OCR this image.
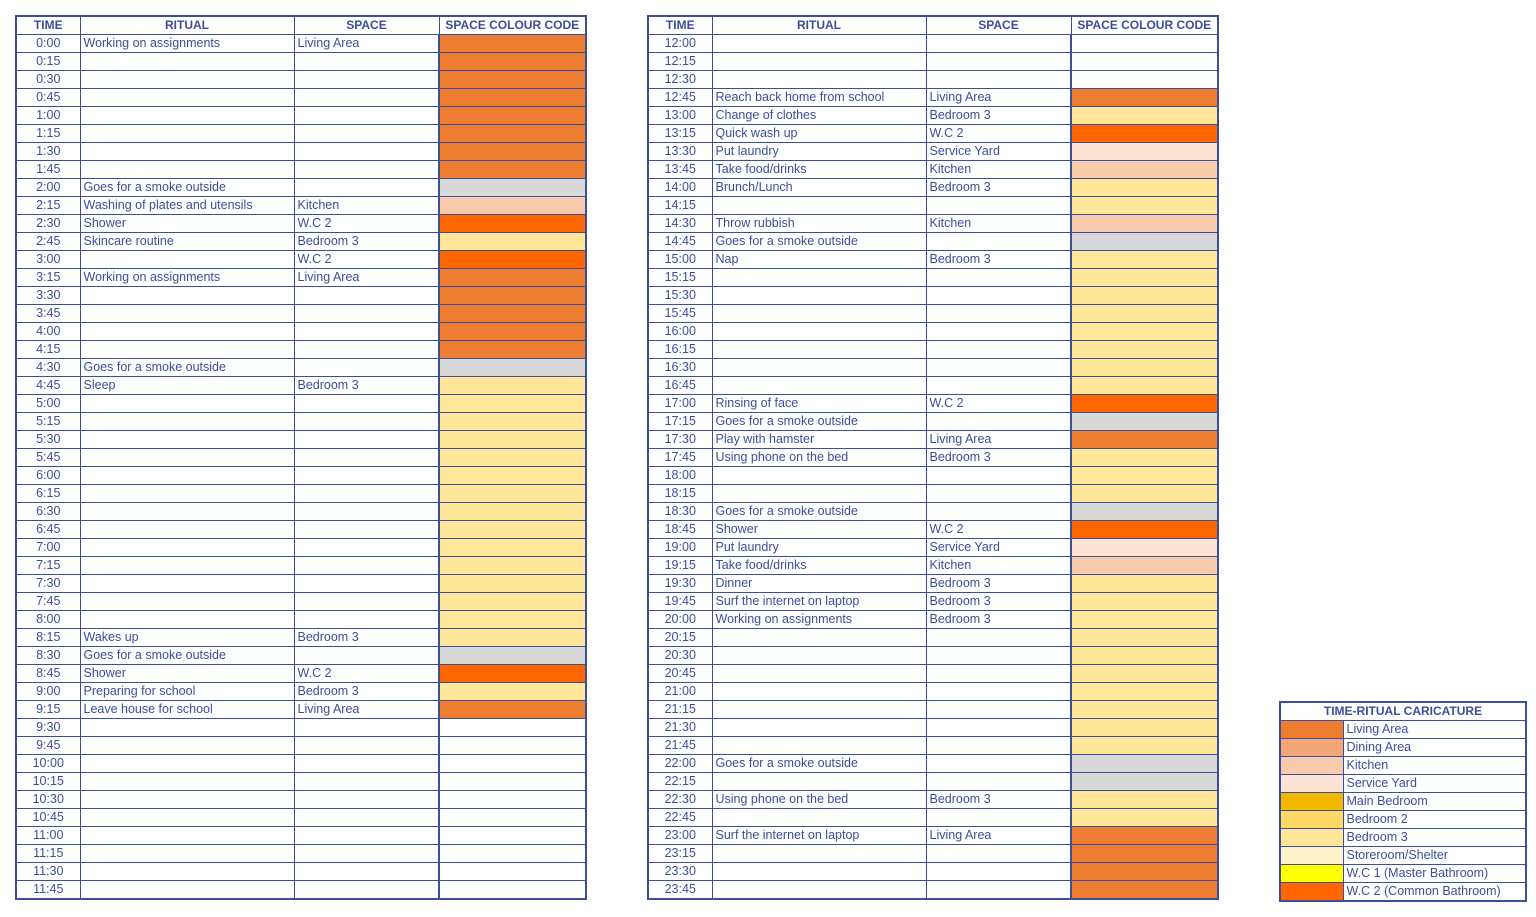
TIME	RITUAL	SPACE	SPACE COLOUR CODE
0:00	Working on assignments	Living Area	
0:15			
0:30			
0:45			
1:00			
1:15			
1:30			
1:45			
2:00	Goes for a smoke outside		
2:15	Washing of plates and utensils	Kitchen	
2:30	Shower	W.C 2	
2:45	Skincare routine	Bedroom 3	
3:00		W.C 2	
3:15	Working on assignments	Living Area	
3:30			
3:45			
4:00			
4:15			
4:30	Goes for a smoke outside		
4:45	Sleep	Bedroom 3	
5:00			
5:15			
5:30			
5:45			
6:00			
6:15			
6:30			
6:45			
7:00			
7:15			
7:30			
7:45			
8:00			
8:15	Wakes up	Bedroom 3	
8:30	Goes for a smoke outside		
8:45	Shower	W.C 2	
9:00	Preparing for school	Bedroom 3	
9:15	Leave house for school	Living Area	
9:30			
9:45			
10:00			
10:15			
10:30			
10:45			
11:00			
11:15			
11:30			
11:45			
TIME	RITUAL	SPACE	SPACE COLOUR CODE
12:00			
12:15			
12:30			
12:45	Reach back home from school	Living Area	
13:00	Change of clothes	Bedroom 3	
13:15	Quick wash up	W.C 2	
13:30	Put laundry	Service Yard	
13:45	Take food/drinks	Kitchen	
14:00	Brunch/Lunch	Bedroom 3	
14:15			
14:30	Throw rubbish	Kitchen	
14:45	Goes for a smoke outside		
15:00	Nap	Bedroom 3	
15:15			
15:30			
15:45			
16:00			
16:15			
16:30			
16:45			
17:00	Rinsing of face	W.C 2	
17:15	Goes for a smoke outside		
17:30	Play with hamster	Living Area	
17:45	Using phone on the bed	Bedroom 3	
18:00			
18:15			
18:30	Goes for a smoke outside		
18:45	Shower	W.C 2	
19:00	Put laundry	Service Yard	
19:15	Take food/drinks	Kitchen	
19:30	Dinner	Bedroom 3	
19:45	Surf the internet on laptop	Bedroom 3	
20:00	Working on assignments	Bedroom 3	
20:15			
20:30			
20:45			
21:00			
21:15			
21:30			
21:45			
22:00	Goes for a smoke outside		
22:15			
22:30	Using phone on the bed	Bedroom 3	
22:45			
23:00	Surf the internet on laptop	Living Area	
23:15			
23:30			
23:45			
TIME-RITUAL CARICATURE	
	Living Area
	Dining Area
	Kitchen
	Service Yard
	Main Bedroom
	Bedroom 2
	Bedroom 3
	Storeroom/Shelter
	W.C 1 (Master Bathroom)
	W.C 2 (Common Bathroom)
